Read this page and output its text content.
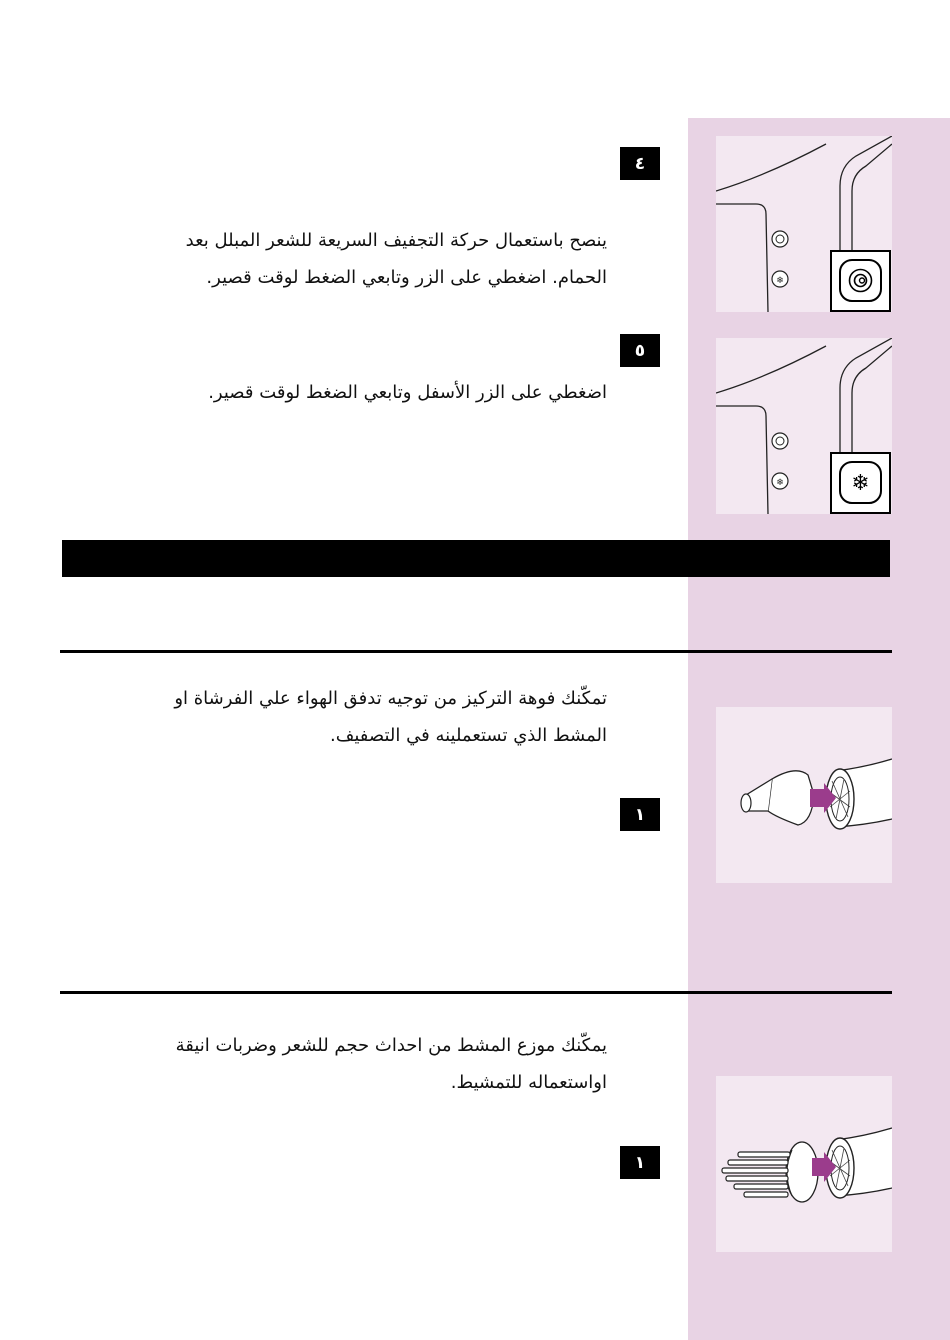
❄
٤

ينصح باستعمال حركة التجفيف السريعة للشعر المبلل بعد
الحمام. اضغطي على الزر وتابعي الضغط لوقت قصير.

❄	❄
٥

اضغطي على الزر الأسفل وتابعي الضغط لوقت قصير.

تمكّنك فوهة التركيز من توجيه تدفق الهواء علي الفرشاة او
المشط الذي تستعملينه في التصفيف.

١

يمكّنك موزع المشط من احداث حجم للشعر وضربات انيقة
اواستعماله للتمشيط.

١
